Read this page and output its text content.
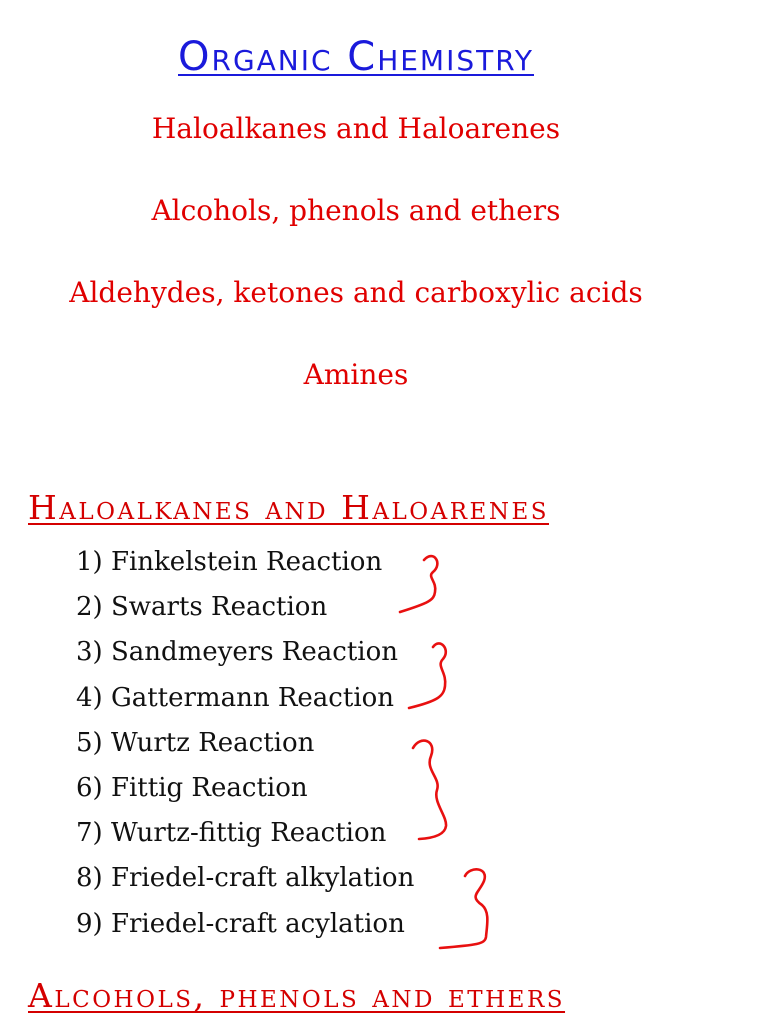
Organic Chemistry

Haloalkanes and Haloarenes

Alcohols, phenols and ethers

Aldehydes, ketones and carboxylic acids

Amines

Haloalkanes and Haloarenes
1) Finkelstein Reaction
2) Swarts Reaction
3) Sandmeyers Reaction
4) Gattermann Reaction
5) Wurtz Reaction
6) Fittig Reaction
7) Wurtz-fittig Reaction
8) Friedel-craft alkylation
9) Friedel-craft acylation
Alcohols, phenols and ethers
